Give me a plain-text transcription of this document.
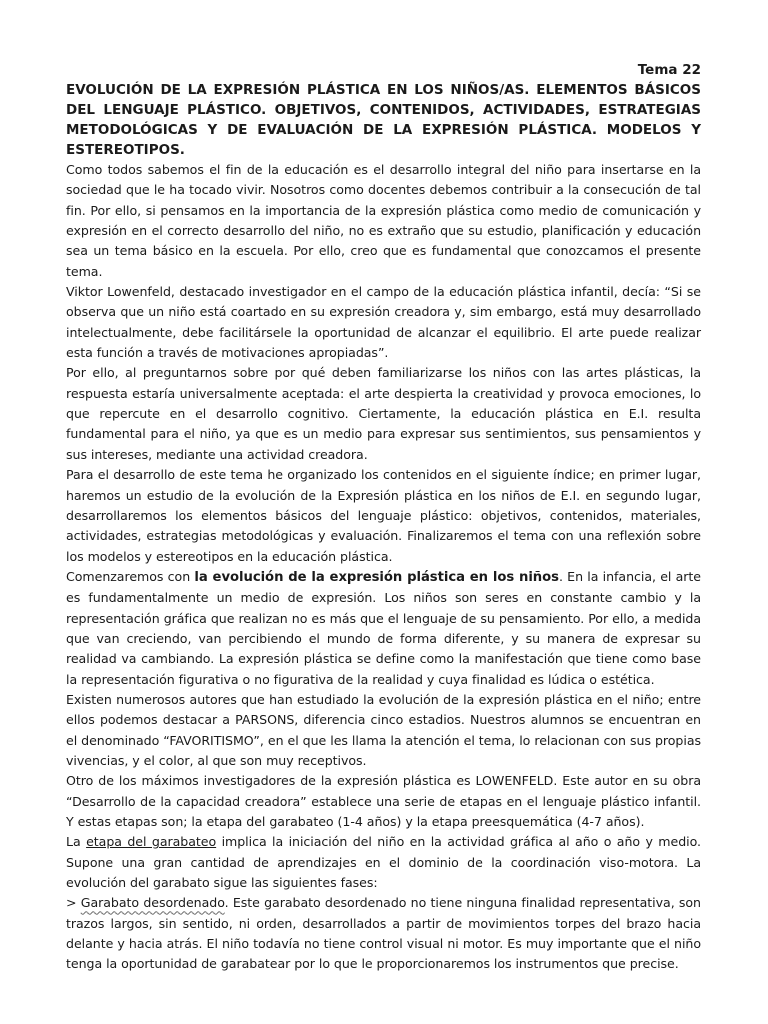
Tema 22
EVOLUCIÓN DE LA EXPRESIÓN PLÁSTICA EN LOS NIÑOS/AS. ELEMENTOS BÁSICOS DEL LENGUAJE PLÁSTICO. OBJETIVOS, CONTENIDOS, ACTIVIDADES, ESTRATEGIAS METODOLÓGICAS Y DE EVALUACIÓN DE LA EXPRESIÓN PLÁSTICA. MODELOS Y ESTEREOTIPOS.

Como todos sabemos el fin de la educación es el desarrollo integral del niño para insertarse en la sociedad que le ha tocado vivir. Nosotros como docentes debemos contribuir a la consecución de tal fin. Por ello, si pensamos en la importancia de la expresión plástica como medio de comunicación y expresión en el correcto desarrollo del niño, no es extraño que su estudio, planificación y educación sea un tema básico en la escuela. Por ello, creo que es fundamental que conozcamos el presente tema.

Viktor Lowenfeld, destacado investigador en el campo de la educación plástica infantil, decía: “Si se observa que un niño está coartado en su expresión creadora y, sim embargo, está muy desarrollado intelectualmente, debe facilitársele la oportunidad de alcanzar el equilibrio. El arte puede realizar esta función a través de motivaciones apropiadas”.

Por ello, al preguntarnos sobre por qué deben familiarizarse los niños con las artes plásticas, la respuesta estaría universalmente aceptada: el arte despierta la creatividad y provoca emociones, lo que repercute en el desarrollo cognitivo. Ciertamente, la educación plástica en E.I. resulta fundamental para el niño, ya que es un medio para expresar sus sentimientos, sus pensamientos y sus intereses, mediante una actividad creadora.

Para el desarrollo de este tema he organizado los contenidos en el siguiente índice; en primer lugar, haremos un estudio de la evolución de la Expresión plástica en los niños de E.I. en segundo lugar, desarrollaremos los elementos básicos del lenguaje plástico: objetivos, contenidos, materiales, actividades, estrategias metodológicas y evaluación. Finalizaremos el tema con una reflexión sobre los modelos y estereotipos en la educación plástica.

Comenzaremos con la evolución de la expresión plástica en los niños. En la infancia, el arte es fundamentalmente un medio de expresión. Los niños son seres en constante cambio y la representación gráfica que realizan no es más que el lenguaje de su pensamiento. Por ello, a medida que van creciendo, van percibiendo el mundo de forma diferente, y su manera de expresar su realidad va cambiando. La expresión plástica se define como la manifestación que tiene como base la representación figurativa o no figurativa de la realidad y cuya finalidad es lúdica o estética.

Existen numerosos autores que han estudiado la evolución de la expresión plástica en el niño; entre ellos podemos destacar a PARSONS, diferencia cinco estadios. Nuestros alumnos se encuentran en el denominado “FAVORITISMO”, en el que les llama la atención el tema, lo relacionan con sus propias vivencias, y el color, al que son muy receptivos.

Otro de los máximos investigadores de la expresión plástica es LOWENFELD. Este autor en su obra “Desarrollo de la capacidad creadora” establece una serie de etapas en el lenguaje plástico infantil. Y estas etapas son; la etapa del garabateo (1-4 años) y la etapa preesquemática (4-7 años).

La etapa del garabateo implica la iniciación del niño en la actividad gráfica al año o año y medio. Supone una gran cantidad de aprendizajes en el dominio de la coordinación viso-motora. La evolución del garabato sigue las siguientes fases:

> Garabato desordenado. Este garabato desordenado no tiene ninguna finalidad representativa, son trazos largos, sin sentido, ni orden, desarrollados a partir de movimientos torpes del brazo hacia delante y hacia atrás. El niño todavía no tiene control visual ni motor. Es muy importante que el niño tenga la oportunidad de garabatear por lo que le proporcionaremos los instrumentos que precise.
